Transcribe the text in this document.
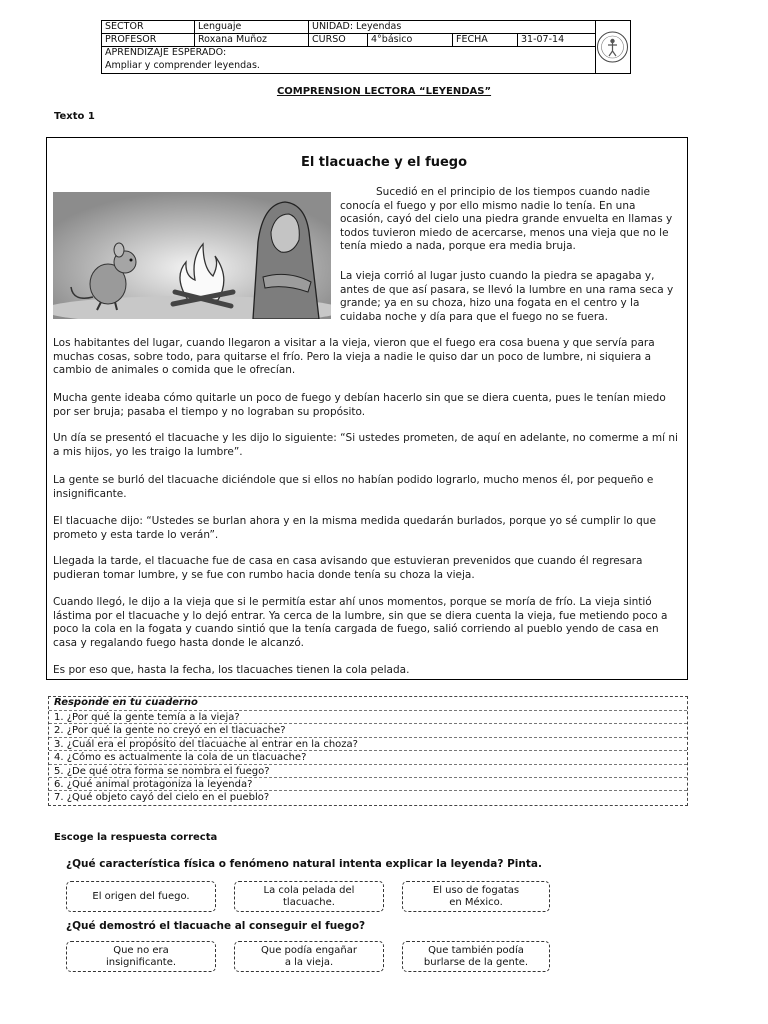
SECTOR	Lenguaje	UNIDAD: Leyendas
PROFESOR	Roxana Muñoz	CURSO	4°básico	FECHA	31-07-14
APRENDIZAJE ESPERADO:
Ampliar y comprender leyendas.
COMPRENSION LECTORA “LEYENDAS”
Texto 1
El tlacuache y el fuego
Sucedió en el principio de los tiempos cuando nadie conocía el fuego y por ello mismo nadie lo tenía. En una ocasión, cayó del cielo una piedra grande envuelta en llamas y todos tuvieron miedo de acercarse, menos una vieja que no le tenía miedo a nada, porque era media bruja.
La vieja corrió al lugar justo cuando la piedra se apagaba y, antes de que así pasara, se llevó la lumbre en una rama seca y grande; ya en su choza, hizo una fogata en el centro y la cuidaba noche y día para que el fuego no se fuera.
Los habitantes del lugar, cuando llegaron a visitar a la vieja, vieron que el fuego era cosa buena y que servía para muchas cosas, sobre todo, para quitarse el frío. Pero la vieja a nadie le quiso dar un poco de lumbre, ni siquiera a cambio de animales o comida que le ofrecían.
Mucha gente ideaba cómo quitarle un poco de fuego y debían hacerlo sin que se diera cuenta, pues le tenían miedo por ser bruja; pasaba el tiempo y no lograban su propósito.
Un día se presentó el tlacuache y les dijo lo siguiente: “Si ustedes prometen, de aquí en adelante, no comerme a mí ni a mis hijos, yo les traigo la lumbre”.
La gente se burló del tlacuache diciéndole que si ellos no habían podido lograrlo, mucho menos él, por pequeño e insignificante.
El tlacuache dijo: “Ustedes se burlan ahora y en la misma medida quedarán burlados, porque yo sé cumplir lo que prometo y esta tarde lo verán”.
Llegada la tarde, el tlacuache fue de casa en casa avisando que estuvieran prevenidos que cuando él regresara pudieran tomar lumbre, y se fue con rumbo hacia donde tenía su choza la vieja.
Cuando llegó, le dijo a la vieja que si le permitía estar ahí unos momentos, porque se moría de frío. La vieja sintió lástima por el tlacuache y lo dejó entrar. Ya cerca de la lumbre, sin que se diera cuenta la vieja, fue metiendo poco a poco la cola en la fogata y cuando sintió que la tenía cargada de fuego, salió corriendo al pueblo yendo de casa en casa y regalando fuego hasta donde le alcanzó.
Es por eso que, hasta la fecha, los tlacuaches tienen la cola pelada.
Responde en tu cuaderno
1. ¿Por qué la gente temía a la vieja?
2. ¿Por qué la gente no creyó en el tlacuache?
3. ¿Cuál era el propósito del tlacuache al entrar en la choza?
4. ¿Cómo es actualmente la cola de un tlacuache?
5. ¿De qué otra forma se nombra el fuego?
6. ¿Qué animal protagoniza la leyenda?
7. ¿Qué objeto cayó del cielo en el pueblo?
Escoge la respuesta correcta
¿Qué característica física o fenómeno natural intenta explicar la leyenda? Pinta.
El origen del fuego.
La cola pelada del
tlacuache.
El uso de fogatas
en México.
¿Qué demostró el tlacuache al conseguir el fuego?
Que no era
insignificante.
Que podía engañar
a la vieja.
Que también podía
burlarse de la gente.
